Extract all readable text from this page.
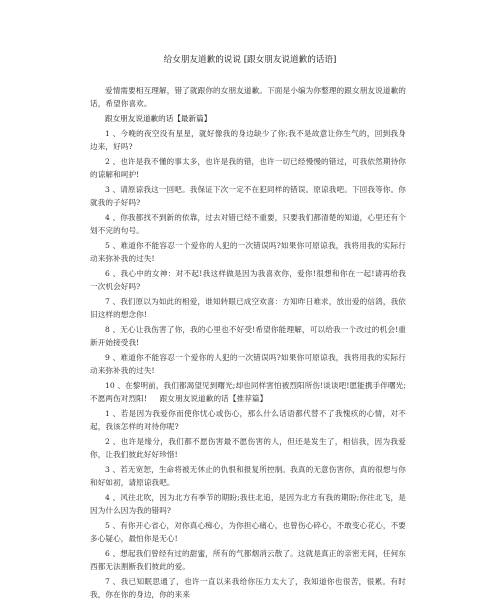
给女朋友道歉的说说 [跟女朋友说道歉的话语]

爱情需要相互理解，错了就跟你的女朋友道歉。下面是小编为你整理的跟女朋友说道歉的话，希望你喜欢。

跟女朋友说道歉的话【最新篇】

1 、今晚的夜空没有星星，就好像我的身边缺少了你;我不是故意让你生气的，回到我身边来，好吗?

2 、也许是我不懂的事太多，也许是我的错，也许一切已经慢慢的错过，可我依然期待你的谅解和呵护!

3 、请原谅我这一回吧。我保证下次一定不在犯同样的错误。原谅我吧。下回我等你。你就我的子好吗?

4 、你我都找不到新的依靠，过去对错已经不重要，只要我们都清楚的知道，心里还有个划不完的句号。

5 、难道你不能容忍一个爱你的人犯的一次错误吗?如果你可原谅我，我将用我的实际行动来弥补我的过失!

6 、我心中的女神：对不起!我这样做是因为我喜欢你，爱你!很想和你在一起!请再给我一次机会好吗?

7 、我们原以为如此的相爱，谁知转眼已成空欢喜：方知昨日难求，放出爱的信鸽，我依旧这样的想念你!

8 、无心让我伤害了你，我的心里也不好受!希望你能理解，可以给我一个改过的机会!重新开始接受我!

9 、难道你不能容忍一个爱你的人犯的一次错误吗?如果你可原谅我，我将用我的实际行动来弥补我的过失!

10 、在黎明前，我们都渴望见到曙光;却也同样害怕被烈阳所伤!谈谈吧!愿能携手伴曙光;不愿两伤对烈阳! 跟女朋友说道歉的话【推荐篇】

1 、若是因为我爱你而使你忧心或伤心，那么什么话语都代替不了我愧疚的心情，对不起，我该怎样的对待你呢?

2 、也许是缘分，我们都不愿伤害最不愿伤害的人，但还是发生了，相信我，因为我爱你，让我们彼此好好珍惜!

3 、若无宽恕，生命将被无休止的仇恨和报复所控制。我真的无意伤害你，真的很想与你和好如初，请原谅我吧。

4 、风往北吹，因为北方有季节的期盼;我往北追，是因为北方有我的期盼;你往北飞，是因为什么因为我的错吗?

5 、有你开心省心，对你真心痴心，为你担心痛心，也曾伤心碎心，不敢变心花心，不要多心疑心，最怕你是无心!

6 、想起我们曾经有过的甜蜜，所有的气都烟消云散了。这就是真正的亲密无间，任何东西都无法割断我们彼此的爱。

7 、我已知眠思通了，也许一直以来我给你压力太大了，我知道你也很苦，很累。有时我，你在你的身边，你的来来
